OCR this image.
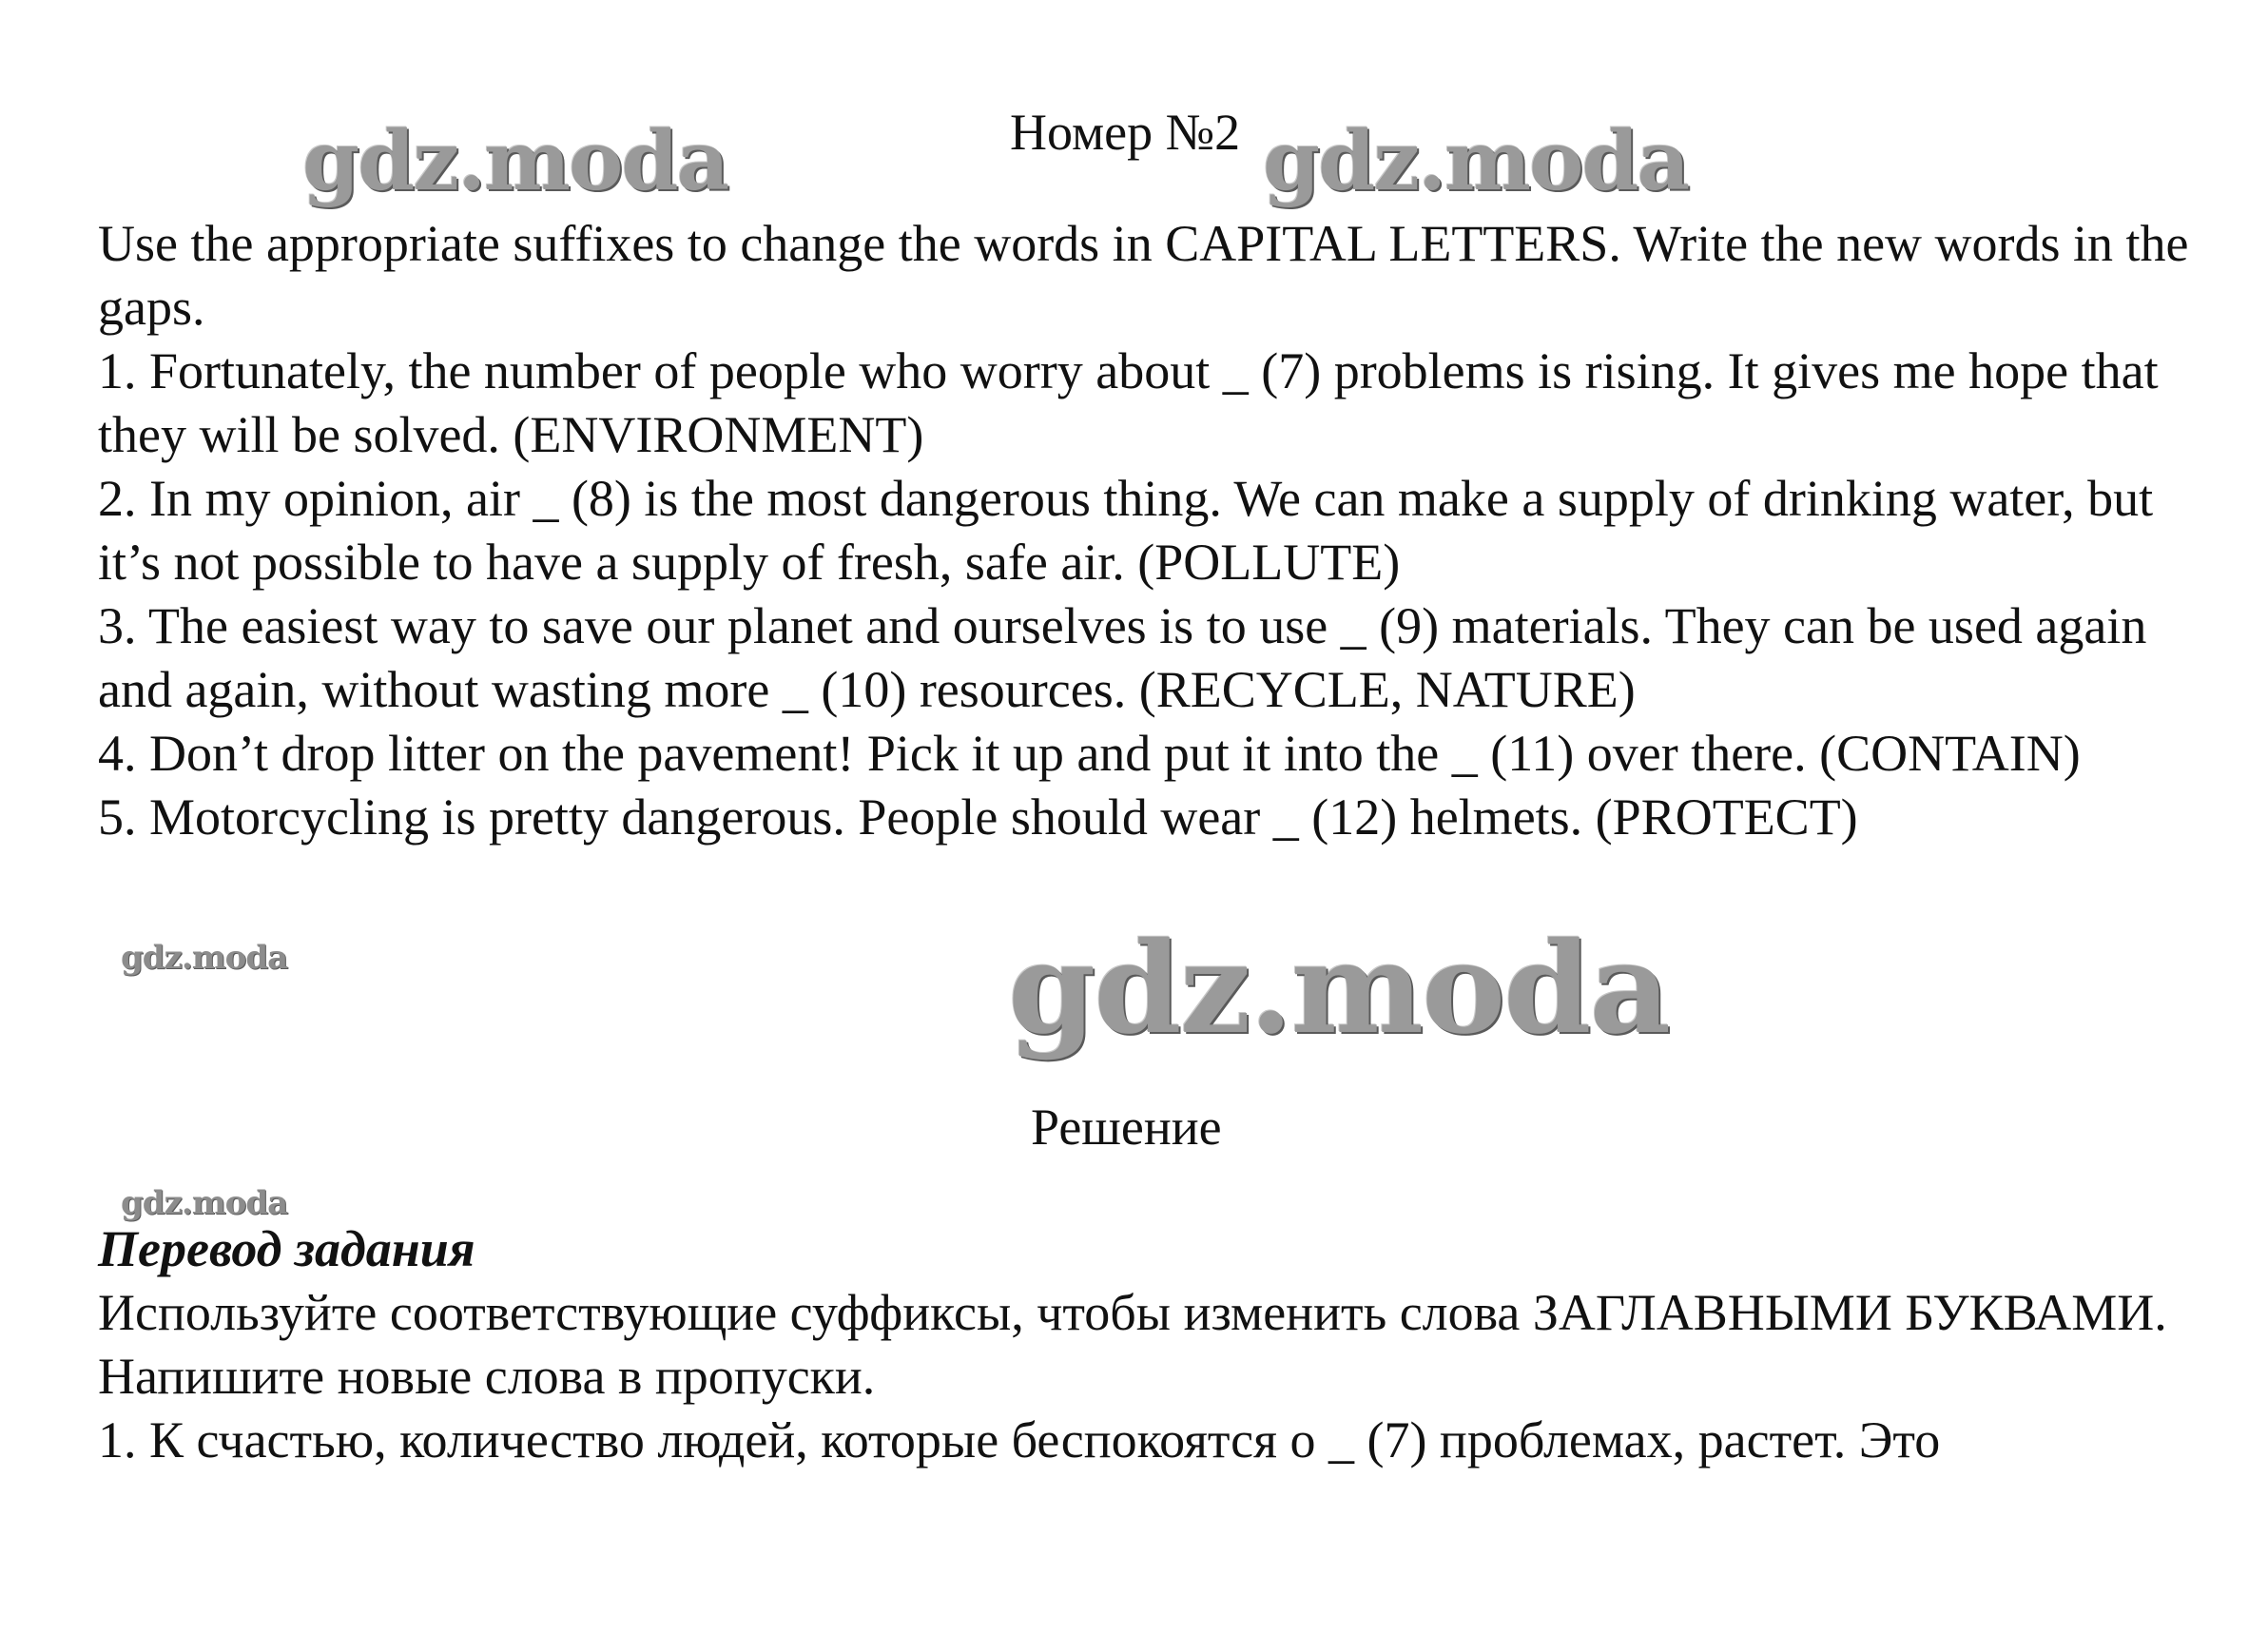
gdz.moda	gdz.moda
gdz.moda
gdz.moda
gdz.moda
Номер №2

Use the appropriate suffixes to change the words in CAPITAL LETTERS. Write the new words in the gaps.

1. Fortunately, the number of people who worry about _ (7) problems is rising. It gives me hope that they will be solved. (ENVIRONMENT)

2. In my opinion, air _ (8) is the most dangerous thing. We can make a supply of drinking water, but it’s not possible to have a supply of fresh, safe air. (POLLUTE)

3. The easiest way to save our planet and ourselves is to use _ (9) materials. They can be used again and again, without wasting more _ (10) resources. (RECYCLE, NATURE)

4. Don’t drop litter on the pavement! Pick it up and put it into the _ (11) over there. (CONTAIN)

5. Motorcycling is pretty dangerous. People should wear _ (12) helmets. (PROTECT)

Решение

Перевод задания

Используйте соответствующие суффиксы, чтобы изменить слова ЗАГЛАВНЫМИ БУКВАМИ. Напишите новые слова в пропуски.

1. К счастью, количество людей, которые беспокоятся о _ (7) проблемах, растет. Это
